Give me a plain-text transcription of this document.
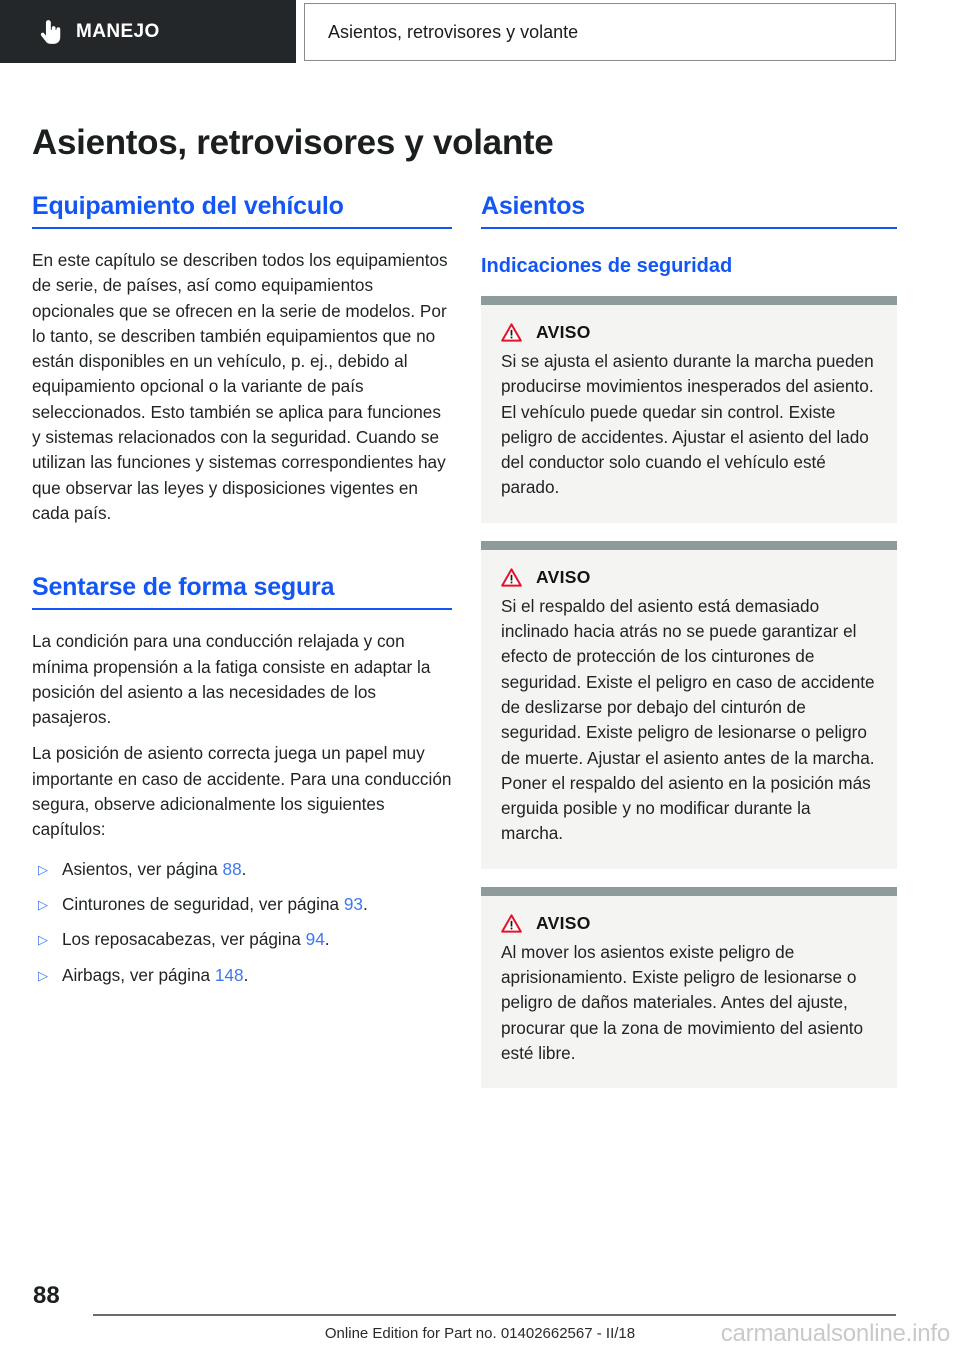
MANEJO	Asientos, retrovisores y volante
Asientos, retrovisores y volante
Equipamiento del vehículo

En este capítulo se describen todos los equipamientos de serie, de países, así como equipamientos opcionales que se ofrecen en la serie de modelos. Por lo tanto, se describen también equipamientos que no están disponibles en un vehículo, p. ej., debido al equipamiento opcional o la variante de país seleccionados. Esto también se aplica para funciones y sistemas relacionados con la seguridad. Cuando se utilizan las funciones y sistemas correspondientes hay que observar las leyes y disposiciones vigentes en cada país.

Sentarse de forma segura

La condición para una conducción relajada y con mínima propensión a la fatiga consiste en adaptar la posición del asiento a las necesidades de los pasajeros.

La posición de asiento correcta juega un papel muy importante en caso de accidente. Para una conducción segura, observe adicionalmente los siguientes capítulos:

▷ Asientos, ver página 88.
▷ Cinturones de seguridad, ver página 93.
▷ Los reposacabezas, ver página 94.
▷ Airbags, ver página 148.
Asientos
Indicaciones de seguridad
AVISO

Si se ajusta el asiento durante la marcha pueden producirse movimientos inesperados del asiento. El vehículo puede quedar sin control. Existe peligro de accidentes. Ajustar el asiento del lado del conductor solo cuando el vehículo esté parado.

AVISO

Si el respaldo del asiento está demasiado inclinado hacia atrás no se puede garantizar el efecto de protección de los cinturones de seguridad. Existe el peligro en caso de accidente de deslizarse por debajo del cinturón de seguridad. Existe peligro de lesionarse o peligro de muerte. Ajustar el asiento antes de la marcha. Poner el respaldo del asiento en la posición más erguida posible y no modificar durante la marcha.

AVISO

Al mover los asientos existe peligro de aprisionamiento. Existe peligro de lesionarse o peligro de daños materiales. Antes del ajuste, procurar que la zona de movimiento del asiento esté libre.

88
Online Edition for Part no. 01402662567 - II/18	carmanualsonline.info
